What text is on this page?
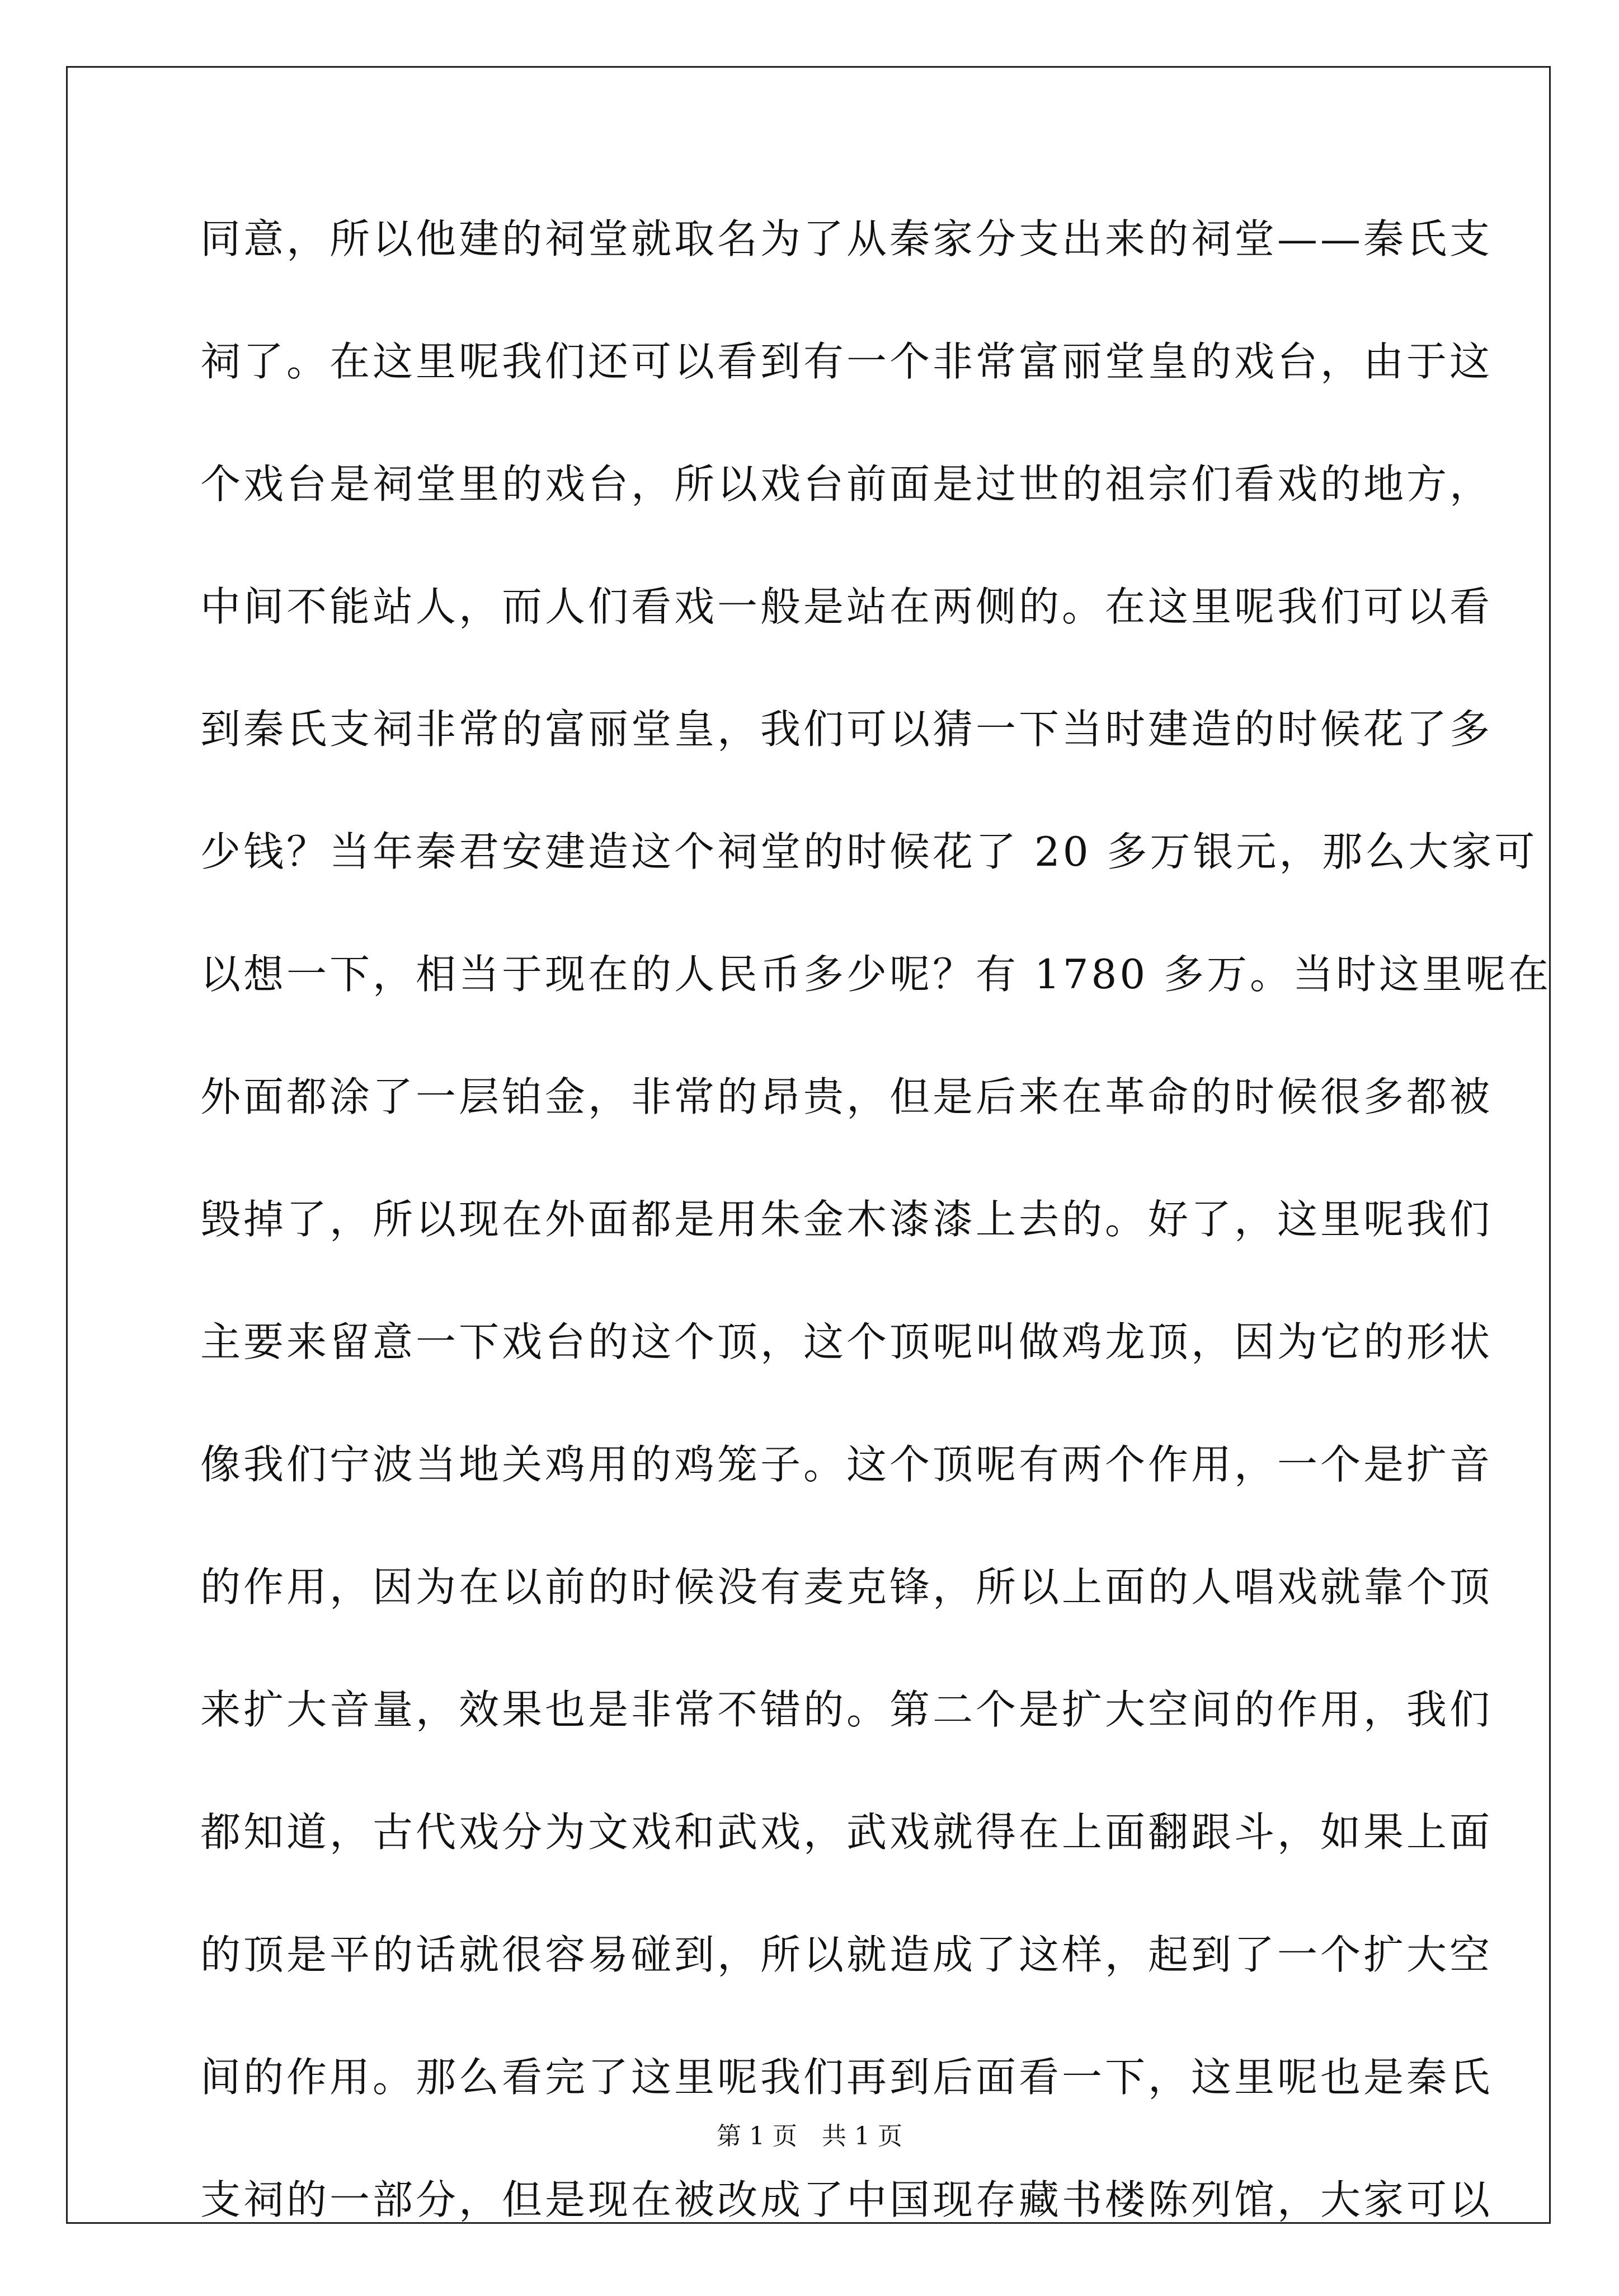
同意，所以他建的祠堂就取名为了从秦家分支出来的祠堂——秦氏支
祠了。在这里呢我们还可以看到有一个非常富丽堂皇的戏台，由于这
个戏台是祠堂里的戏台，所以戏台前面是过世的祖宗们看戏的地方，
中间不能站人，而人们看戏一般是站在两侧的。在这里呢我们可以看
到秦氏支祠非常的富丽堂皇，我们可以猜一下当时建造的时候花了多
少钱？当年秦君安建造这个祠堂的时候花了 20 多万银元，那么大家可
以想一下，相当于现在的人民币多少呢？有 1780 多万。当时这里呢在
外面都涂了一层铂金，非常的昂贵，但是后来在革命的时候很多都被
毁掉了，所以现在外面都是用朱金木漆漆上去的。好了，这里呢我们
主要来留意一下戏台的这个顶，这个顶呢叫做鸡龙顶，因为它的形状
像我们宁波当地关鸡用的鸡笼子。这个顶呢有两个作用，一个是扩音
的作用，因为在以前的时候没有麦克锋，所以上面的人唱戏就靠个顶
来扩大音量，效果也是非常不错的。第二个是扩大空间的作用，我们
都知道，古代戏分为文戏和武戏，武戏就得在上面翻跟斗，如果上面
的顶是平的话就很容易碰到，所以就造成了这样，起到了一个扩大空
间的作用。那么看完了这里呢我们再到后面看一下，这里呢也是秦氏
支祠的一部分，但是现在被改成了中国现存藏书楼陈列馆，大家可以
第 1 页　共 1 页
